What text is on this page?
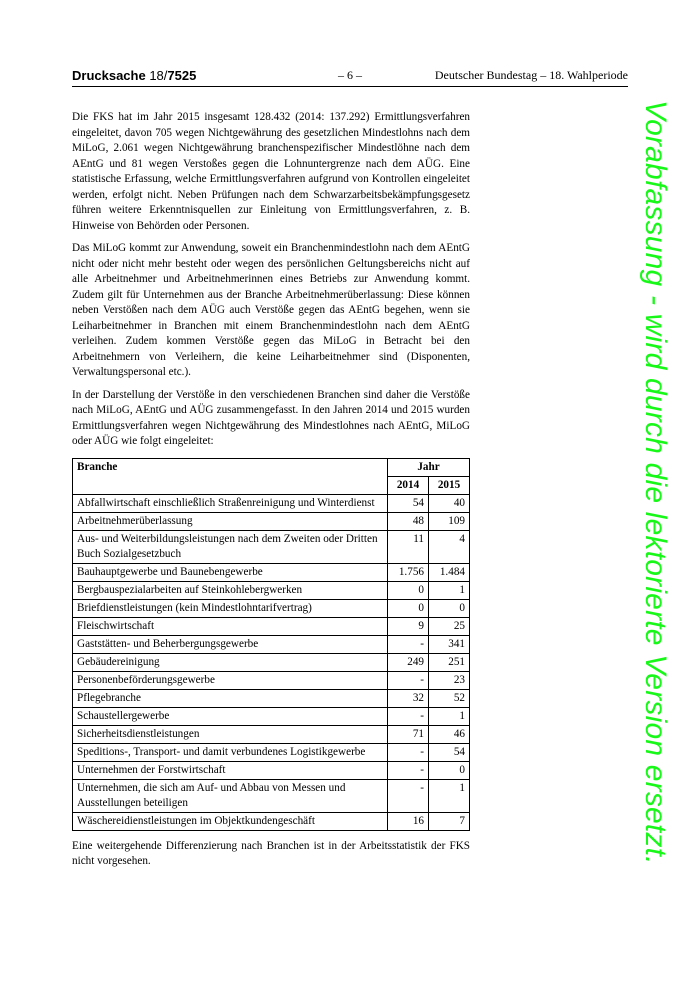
Drucksache 18/7525	– 6 –	Deutscher Bundestag – 18. Wahlperiode

Die FKS hat im Jahr 2015 insgesamt 128.432 (2014: 137.292) Ermittlungsverfahren eingeleitet, davon 705 wegen Nichtgewährung des gesetzlichen Mindestlohns nach dem MiLoG, 2.061 wegen Nichtgewährung branchenspezifischer Mindestlöhne nach dem AEntG und 81 wegen Verstoßes gegen die Lohnuntergrenze nach dem AÜG. Eine statistische Erfassung, welche Ermittlungsverfahren aufgrund von Kontrollen eingeleitet werden, erfolgt nicht. Neben Prüfungen nach dem Schwarzarbeitsbekämpfungsgesetz führen weitere Erkenntnisquellen zur Einleitung von Ermittlungsverfahren, z. B. Hinweise von Behörden oder Personen.

Das MiLoG kommt zur Anwendung, soweit ein Branchenmindestlohn nach dem AEntG nicht oder nicht mehr besteht oder wegen des persönlichen Geltungsbereichs nicht auf alle Arbeitnehmer und Arbeitnehmerinnen eines Betriebs zur Anwendung kommt. Zudem gilt für Unternehmen aus der Branche Arbeitnehmerüberlassung: Diese können neben Verstößen nach dem AÜG auch Verstöße gegen das AEntG begehen, wenn sie Leiharbeitnehmer in Branchen mit einem Branchenmindestlohn nach dem AEntG verleihen. Zudem kommen Verstöße gegen das MiLoG in Betracht bei den Arbeitnehmern von Verleihern, die keine Leiharbeitnehmer sind (Disponenten, Verwaltungspersonal etc.).

In der Darstellung der Verstöße in den verschiedenen Branchen sind daher die Verstöße nach MiLoG, AEntG und AÜG zusammengefasst. In den Jahren 2014 und 2015 wurden Ermittlungsverfahren wegen Nichtgewährung des Mindestlohnes nach AEntG, MiLoG oder AÜG wie folgt eingeleitet:

Branche	Jahr	
	2014	2015
Abfallwirtschaft einschließlich Straßenreinigung und Winterdienst	54	40
Arbeitnehmerüberlassung	48	109
Aus- und Weiterbildungsleistungen nach dem Zweiten oder Dritten Buch Sozialgesetzbuch	11	4
Bauhauptgewerbe und Baunebengewerbe	1.756	1.484
Bergbauspezialarbeiten auf Steinkohlebergwerken	0	1
Briefdienstleistungen (kein Mindestlohntarifvertrag)	0	0
Fleischwirtschaft	9	25
Gaststätten- und Beherbergungsgewerbe	-	341
Gebäudereinigung	249	251
Personenbeförderungsgewerbe	-	23
Pflegebranche	32	52
Schaustellergewerbe	-	1
Sicherheitsdienstleistungen	71	46
Speditions-, Transport- und damit verbundenes Logistikgewerbe	-	54
Unternehmen der Forstwirtschaft	-	0
Unternehmen, die sich am Auf- und Abbau von Messen und Ausstellungen beteiligen	-	1
Wäschereidienstleistungen im Objektkundengeschäft	16	7

Eine weitergehende Differenzierung nach Branchen ist in der Arbeitsstatistik der FKS nicht vorgesehen.	Vorabfassung - wird durch die lektorierte Version ersetzt.
